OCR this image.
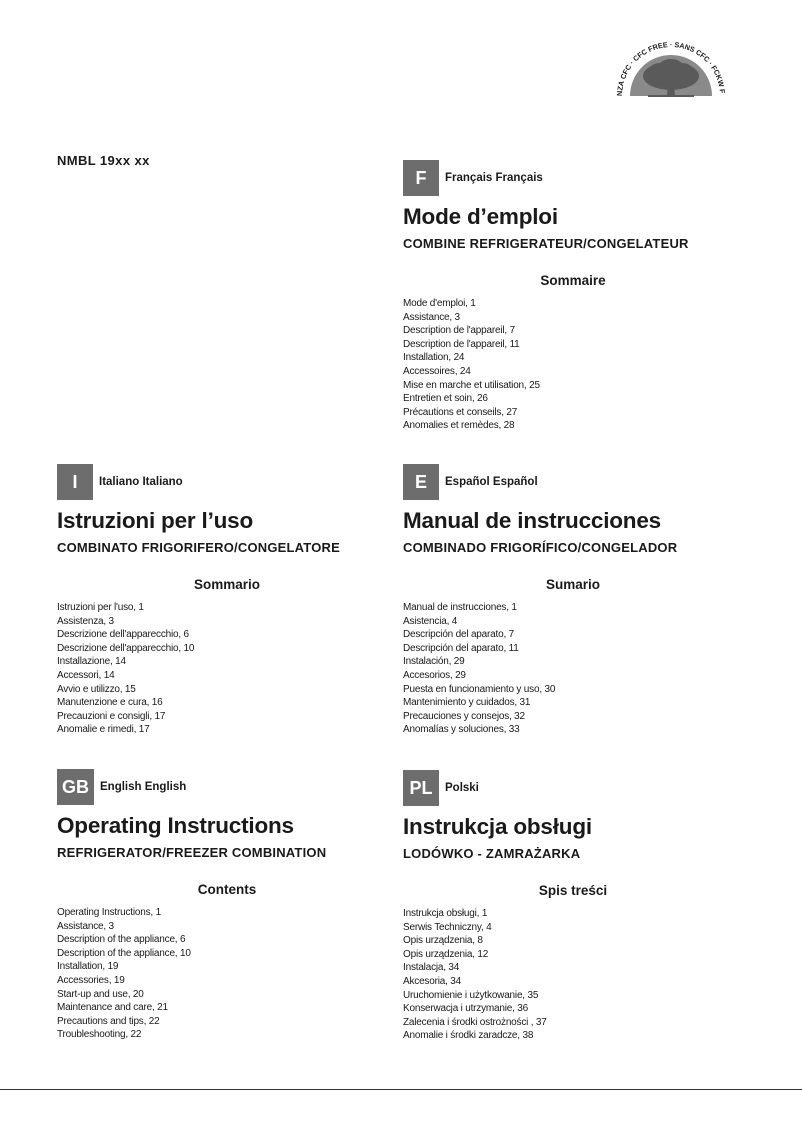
NZA CFC · CFC FREE · SANS CFC · FCKW F
NMBL 19xx xx
F	Français Français
Mode d’emploi
COMBINE REFRIGERATEUR/CONGELATEUR
Sommaire
Mode d'emploi, 1
Assistance, 3
Description de l'appareil, 7
Description de l'appareil, 11
Installation, 24
Accessoires, 24
Mise en marche et utilisation, 25
Entretien et soin, 26
Précautions et conseils, 27
Anomalies et remèdes, 28
I	Italiano Italiano
Istruzioni per l’uso
COMBINATO FRIGORIFERO/CONGELATORE
Sommario
Istruzioni per l'uso, 1
Assistenza, 3
Descrizione dell'apparecchio, 6
Descrizione dell'apparecchio, 10
Installazione, 14
Accessori, 14
Avvio e utilizzo, 15
Manutenzione e cura, 16
Precauzioni e consigli, 17
Anomalie e rimedi, 17
E	Español Español
Manual de instrucciones
COMBINADO FRIGORÍFICO/CONGELADOR
Sumario
Manual de instrucciones, 1
Asistencia, 4
Descripción del aparato, 7
Descripción del aparato, 11
Instalación, 29
Accesorios, 29
Puesta en funcionamiento y uso, 30
Mantenimiento y cuidados, 31
Precauciones y consejos, 32
Anomalías y soluciones, 33
GB English English
Operating Instructions
REFRIGERATOR/FREEZER COMBINATION
Contents
Operating Instructions, 1
Assistance, 3
Description of the appliance, 6
Description of the appliance, 10
Installation, 19
Accessories, 19
Start-up and use, 20
Maintenance and care, 21
Precautions and tips, 22
Troubleshooting, 22
PL	Polski
Instrukcja obsługi
LODÓWKO - ZAMRAŻARKA
Spis treści
Instrukcja obsługi, 1
Serwis Techniczny, 4
Opis urządzenia, 8
Opis urządzenia, 12
Instalacja, 34
Akcesoria, 34
Uruchomienie i użytkowanie, 35
Konserwacja i utrzymanie, 36
Zalecenia i środki ostrożności , 37
Anomalie i środki zaradcze, 38
